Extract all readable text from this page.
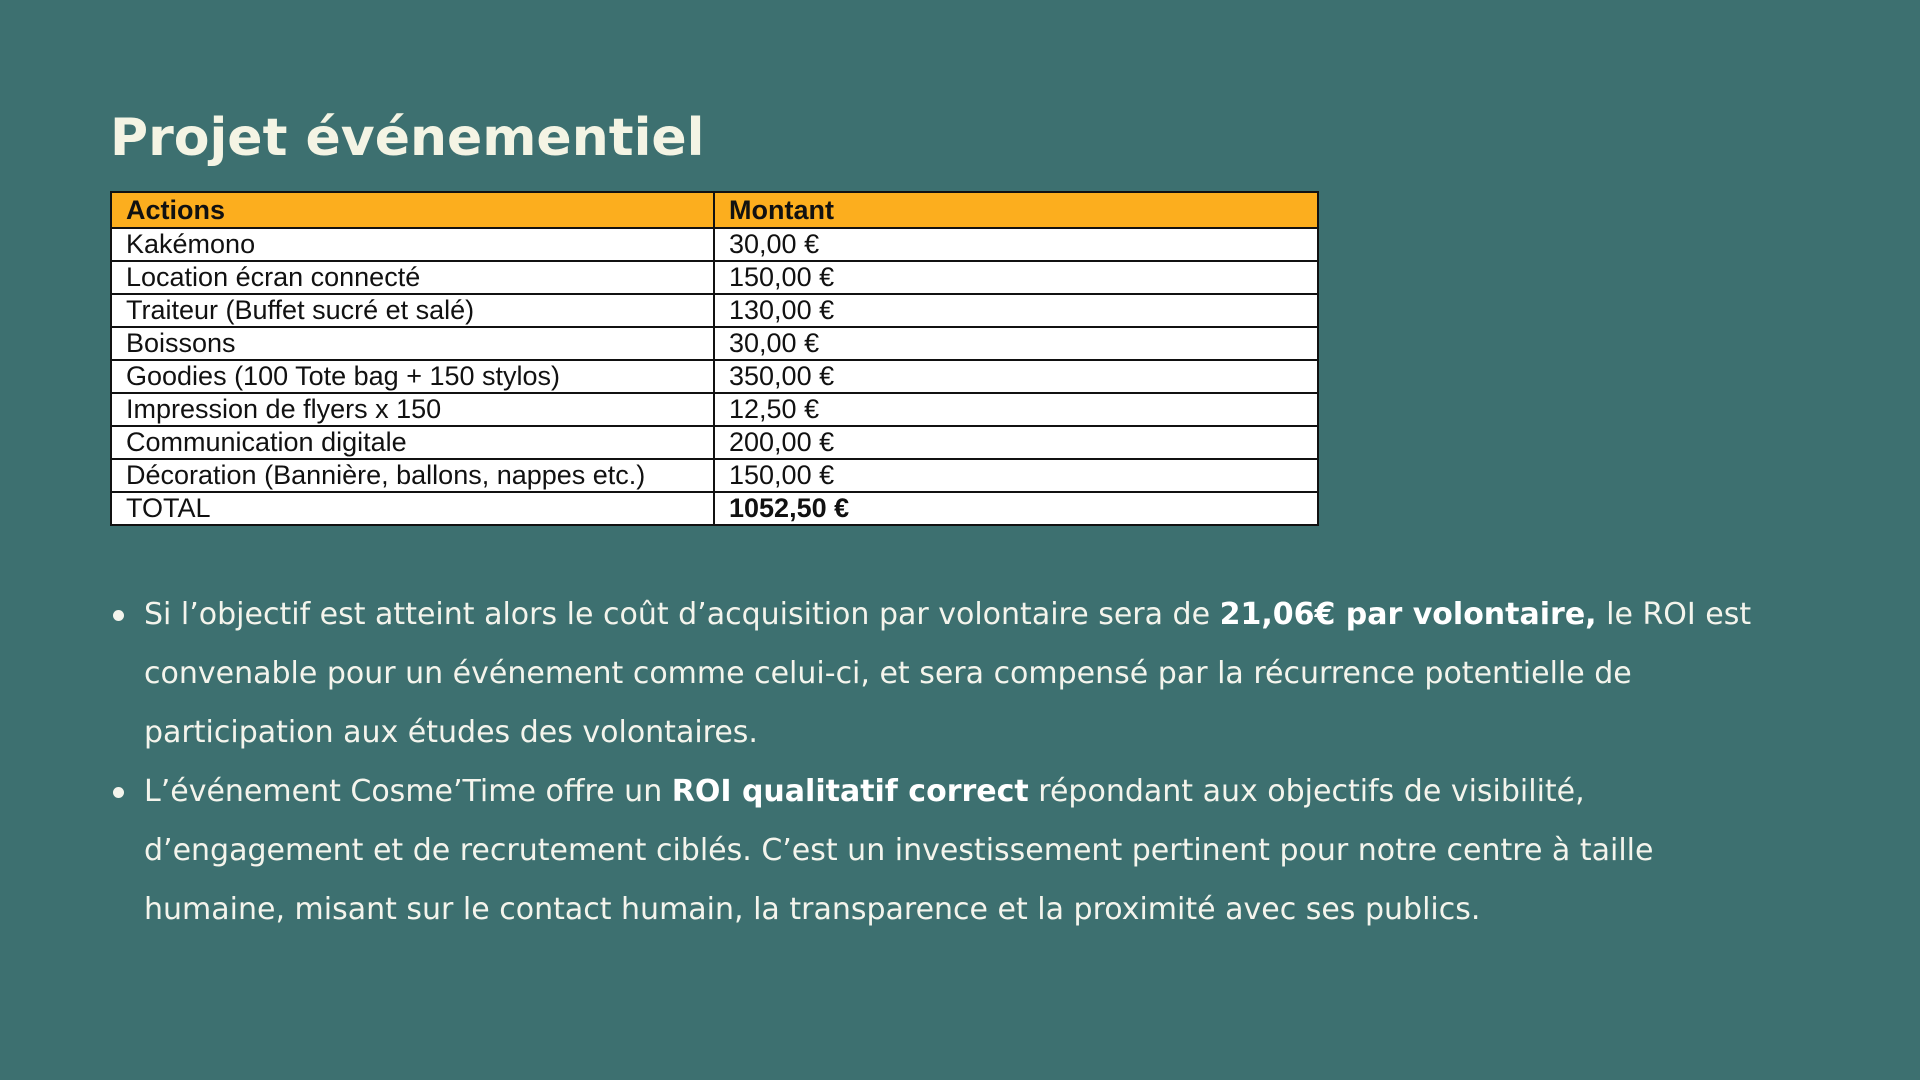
Projet événementiel
Actions	Montant
Kakémono	30,00 €
Location écran connecté	150,00 €
Traiteur (Buffet sucré et salé)	130,00 €
Boissons	30,00 €
Goodies (100 Tote bag + 150 stylos)	350,00 €
Impression de flyers x 150	12,50 €
Communication digitale	200,00 €
Décoration (Bannière, ballons, nappes etc.)	150,00 €
TOTAL	1052,50 €
Si l’objectif est atteint alors le coût d’acquisition par volontaire sera de 21,06€ par volontaire, le ROI est convenable pour un événement comme celui-ci, et sera compensé par la récurrence potentielle de participation aux études des volontaires.
L’événement Cosme’Time offre un ROI qualitatif correct répondant aux objectifs de visibilité, d’engagement et de recrutement ciblés. C’est un investissement pertinent pour notre centre à taille humaine, misant sur le contact humain, la transparence et la proximité avec ses publics.
